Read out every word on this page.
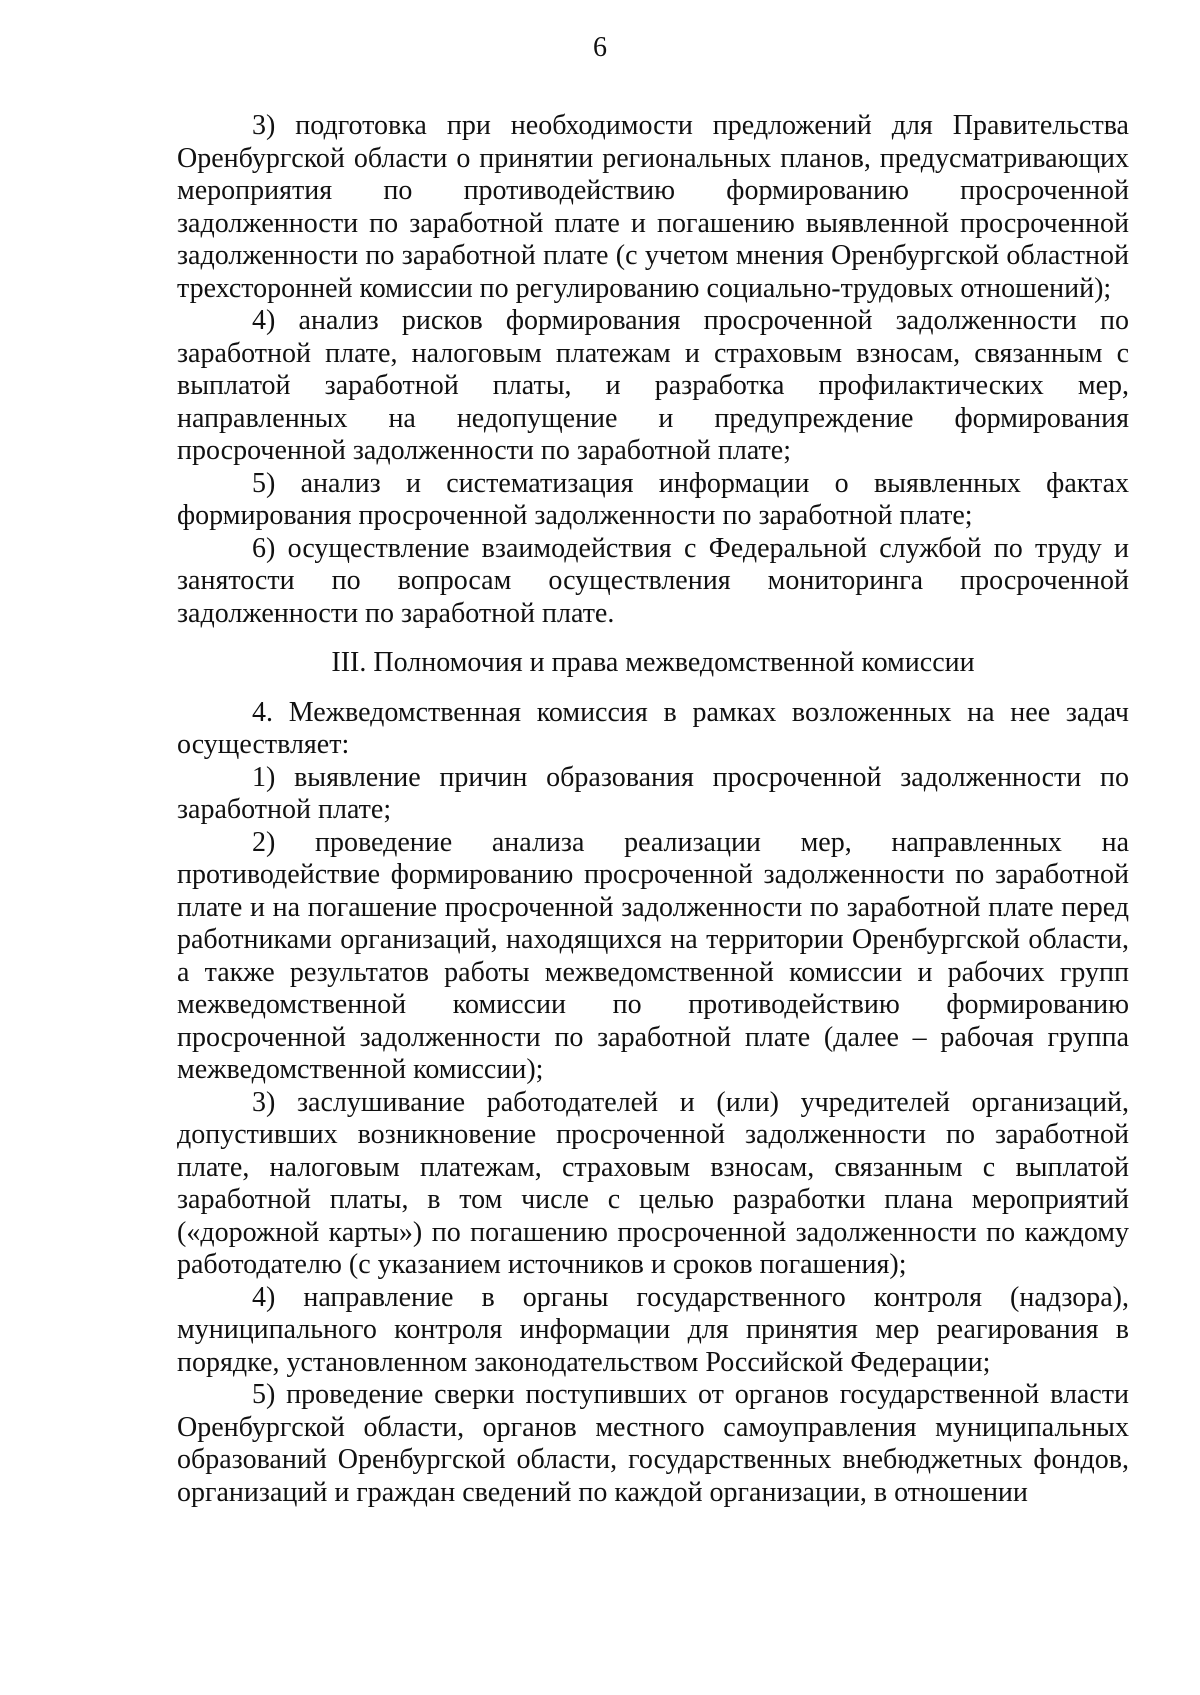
6

3) подготовка при необходимости предложений для Правительства Оренбургской области о принятии региональных планов, предусматривающих мероприятия по противодействию формированию просроченной задолженности по заработной плате и погашению выявленной просроченной задолженности по заработной плате (с учетом мнения Оренбургской областной трехсторонней комиссии по регулированию социально-трудовых отношений);

4) анализ рисков формирования просроченной задолженности по заработной плате, налоговым платежам и страховым взносам, связанным с выплатой заработной платы, и разработка профилактических мер, направленных на недопущение и предупреждение формирования просроченной задолженности по заработной плате;

5) анализ и систематизация информации о выявленных фактах формирования просроченной задолженности по заработной плате;

6) осуществление взаимодействия с Федеральной службой по труду и занятости по вопросам осуществления мониторинга просроченной задолженности по заработной плате.

III. Полномочия и права межведомственной комиссии

4. Межведомственная комиссия в рамках возложенных на нее задач осуществляет:

1) выявление причин образования просроченной задолженности по заработной плате;

2) проведение анализа реализации мер, направленных на противодействие формированию просроченной задолженности по заработной плате и на погашение просроченной задолженности по заработной плате перед работниками организаций, находящихся на территории Оренбургской области, а также результатов работы межведомственной комиссии и рабочих групп межведомственной комиссии по противодействию формированию просроченной задолженности по заработной плате (далее – рабочая группа межведомственной комиссии);

3) заслушивание работодателей и (или) учредителей организаций, допустивших возникновение просроченной задолженности по заработной плате, налоговым платежам, страховым взносам, связанным с выплатой заработной платы, в том числе с целью разработки плана мероприятий («дорожной карты») по погашению просроченной задолженности по каждому работодателю (с указанием источников и сроков погашения);

4) направление в органы государственного контроля (надзора), муниципального контроля информации для принятия мер реагирования в порядке, установленном законодательством Российской Федерации;

5) проведение сверки поступивших от органов государственной власти Оренбургской области, органов местного самоуправления муниципальных образований Оренбургской области, государственных внебюджетных фондов, организаций и граждан сведений по каждой организации, в отношении
